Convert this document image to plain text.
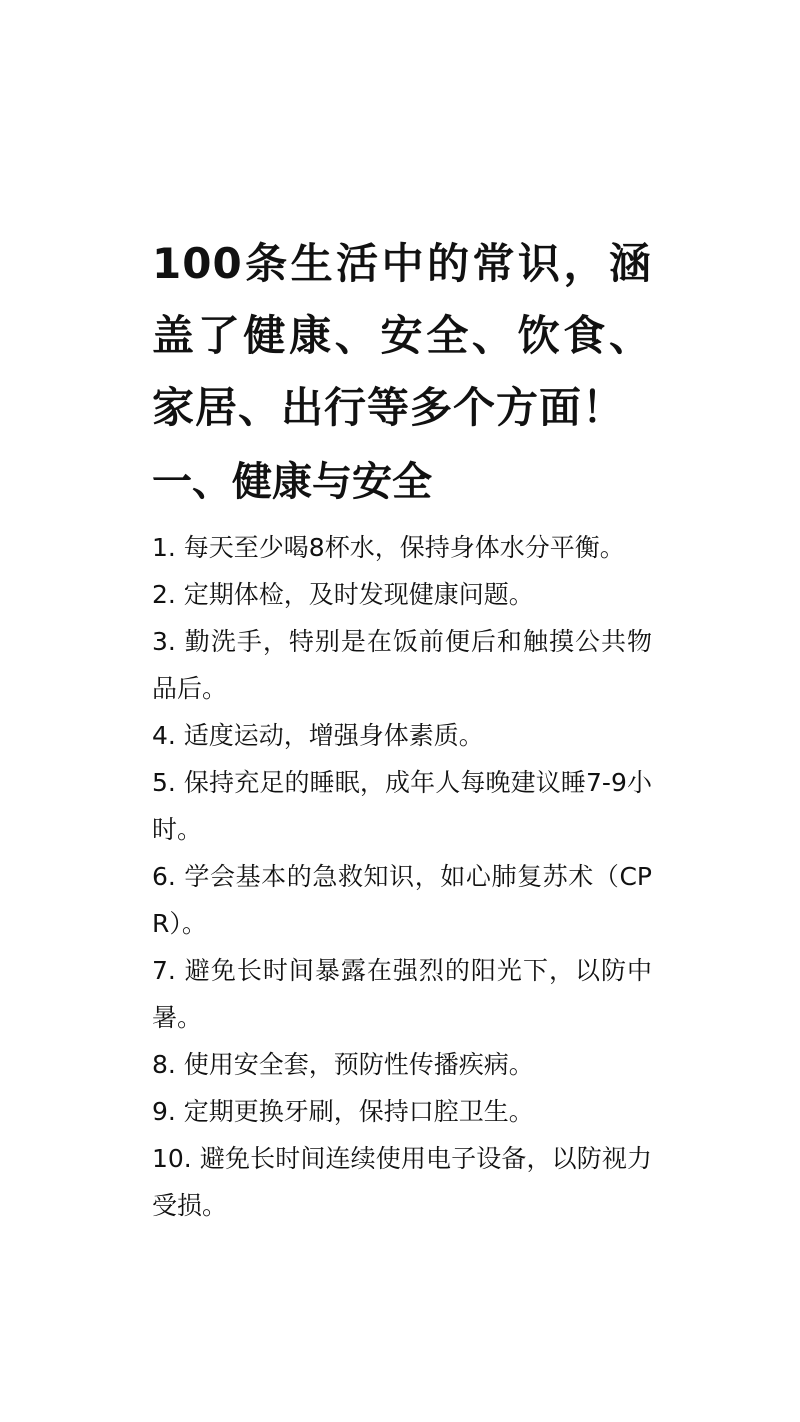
100条生活中的常识，涵盖了健康、安全、饮食、家居、出行等多个方面！
一、健康与安全
1. 每天至少喝8杯水，保持身体水分平衡。
2. 定期体检，及时发现健康问题。
3. 勤洗手，特别是在饭前便后和触摸公共物品后。
4. 适度运动，增强身体素质。
5. 保持充足的睡眠，成年人每晚建议睡7-9小时。
6. 学会基本的急救知识，如心肺复苏术（CPR）。
7. 避免长时间暴露在强烈的阳光下，以防中暑。
8. 使用安全套，预防性传播疾病。
9. 定期更换牙刷，保持口腔卫生。
10. 避免长时间连续使用电子设备，以防视力受损。
